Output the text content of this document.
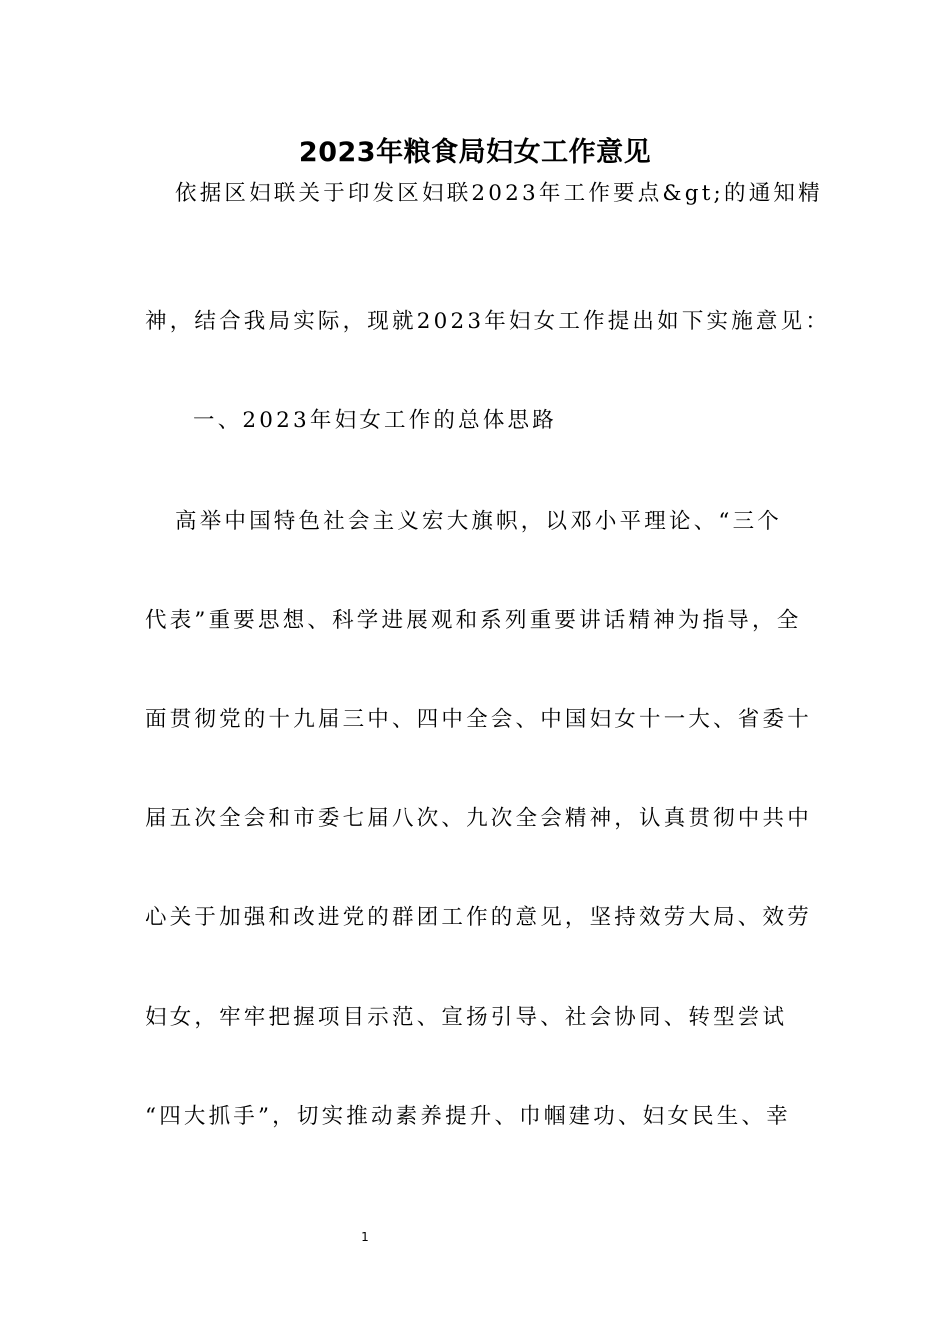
2023年粮食局妇女工作意见
依据区妇联关于印发区妇联2023年工作要点&gt;的通知精
神，结合我局实际，现就2023年妇女工作提出如下实施意见：
一、2023年妇女工作的总体思路
高举中国特色社会主义宏大旗帜，以邓小平理论、“三个
代表”重要思想、科学进展观和系列重要讲话精神为指导，全
面贯彻党的十九届三中、四中全会、中国妇女十一大、省委十
届五次全会和市委七届八次、九次全会精神，认真贯彻中共中
心关于加强和改进党的群团工作的意见，坚持效劳大局、效劳
妇女，牢牢把握项目示范、宣扬引导、社会协同、转型尝试
“四大抓手”，切实推动素养提升、巾帼建功、妇女民生、幸
1
